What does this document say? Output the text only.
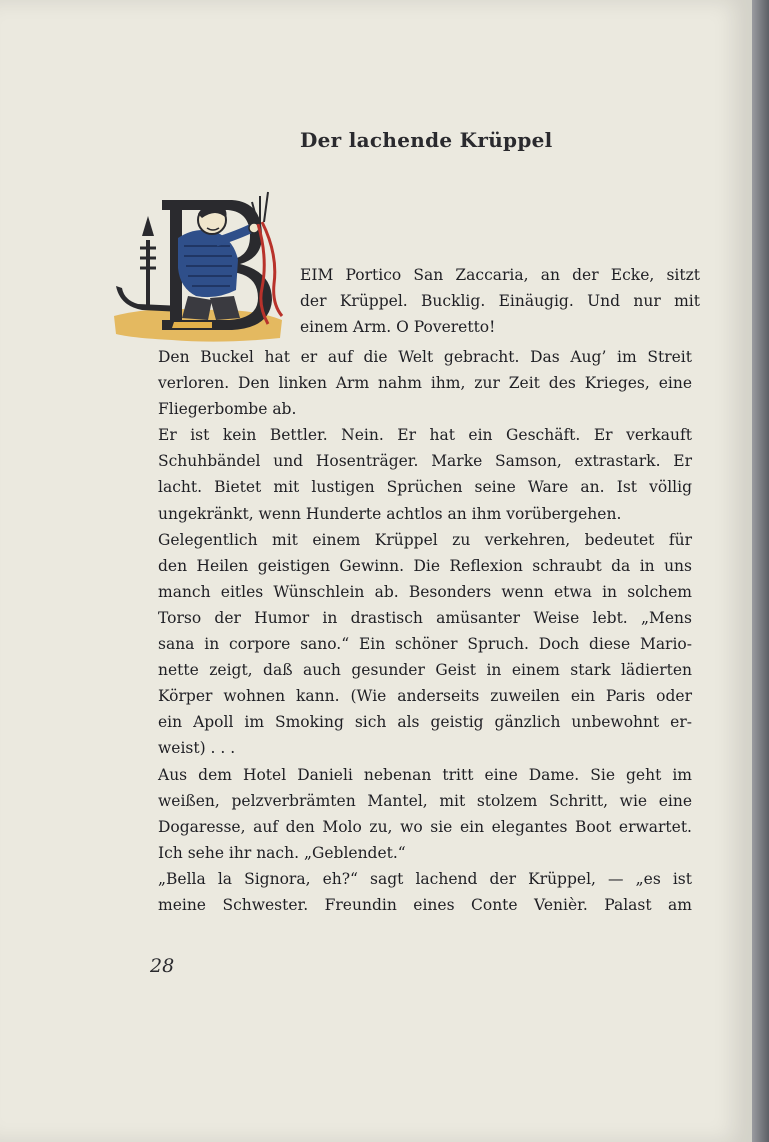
Der lachende Krüppel

EIM Portico San Zaccaria, an der Ecke, sitzt

der Krüppel. Bucklig. Einäugig. Und nur mit

einem Arm. O Poveretto!

Den Buckel hat er auf die Welt gebracht. Das Aug’ im Streit
verloren. Den linken Arm nahm ihm, zur Zeit des Krieges, eine
Fliegerbombe ab.
Er ist kein Bettler. Nein. Er hat ein Geschäft. Er verkauft
Schuhbändel und Hosenträger. Marke Samson, extrastark. Er
lacht. Bietet mit lustigen Sprüchen seine Ware an. Ist völlig
ungekränkt, wenn Hunderte achtlos an ihm vorübergehen.
Gelegentlich mit einem Krüppel zu verkehren, bedeutet für
den Heilen geistigen Gewinn. Die Reflexion schraubt da in uns
manch eitles Wünschlein ab. Besonders wenn etwa in solchem
Torso der Humor in drastisch amüsanter Weise lebt. „Mens
sana in corpore sano.“ Ein schöner Spruch. Doch diese Mario-
nette zeigt, daß auch gesunder Geist in einem stark lädierten
Körper wohnen kann. (Wie anderseits zuweilen ein Paris oder
ein Apoll im Smoking sich als geistig gänzlich unbewohnt er-
weist) . . .
Aus dem Hotel Danieli nebenan tritt eine Dame. Sie geht im
weißen, pelzverbrämten Mantel, mit stolzem Schritt, wie eine
Dogaresse, auf den Molo zu, wo sie ein elegantes Boot erwartet.
Ich sehe ihr nach. „Geblendet.“
„Bella la Signora, eh?“ sagt lachend der Krüppel, — „es ist
meine Schwester. Freundin eines Conte Venièr. Palast am
28
